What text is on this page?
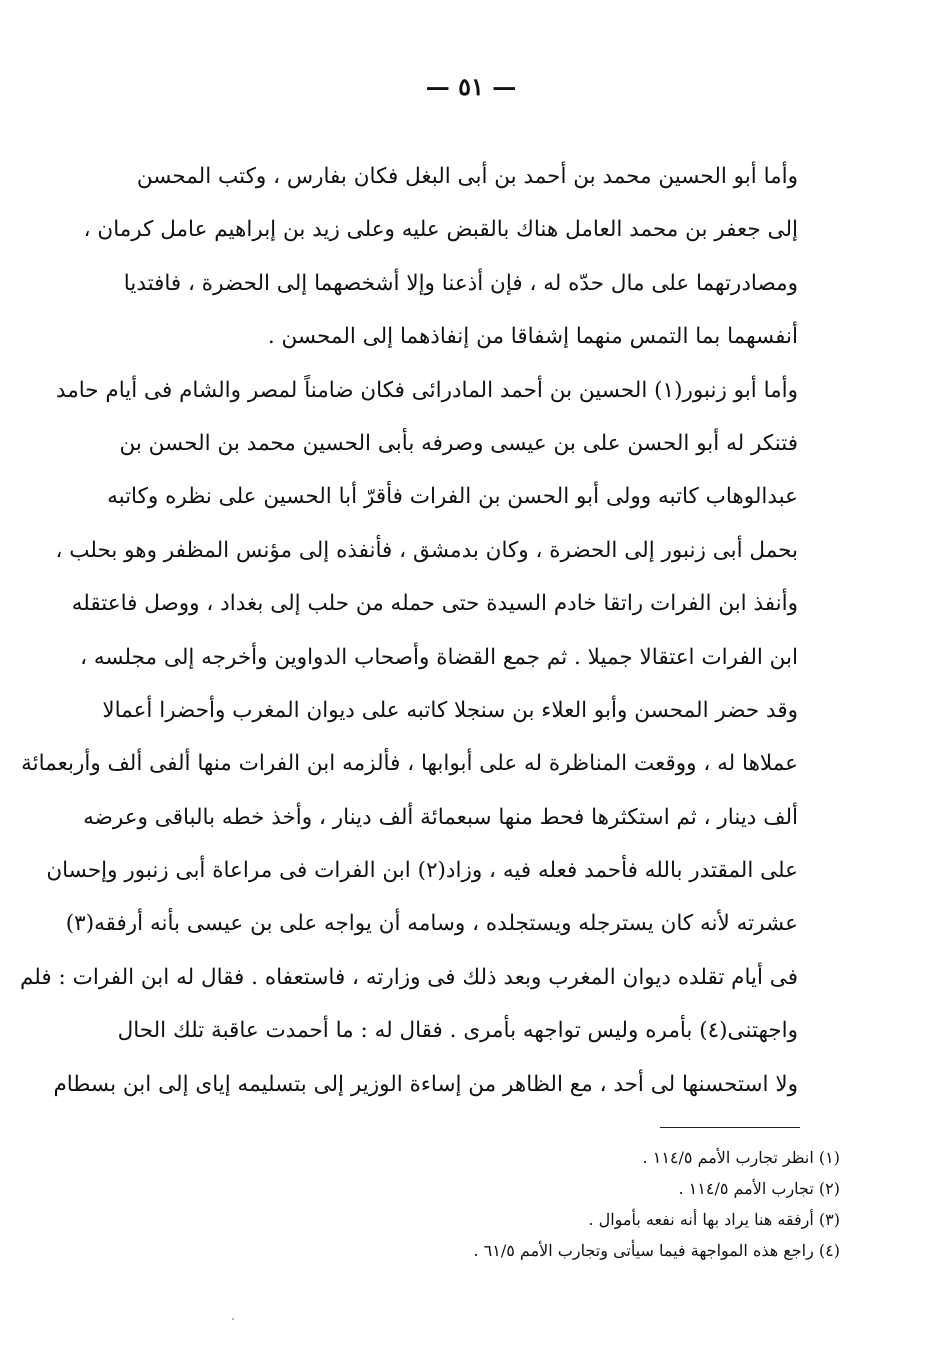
— ٥١ —
وأما أبو الحسين محمد بن أحمد بن أبى البغل فكان بفارس ، وكتب المحسن
إلى جعفر بن محمد العامل هناك بالقبض عليه وعلى زيد بن إبراهيم عامل كرمان ،
ومصادرتهما على مال حدّه له ، فإن أذعنا وإلا أشخصهما إلى الحضرة ، فافتديا
أنفسهما بما التمس منهما إشفاقا من إنفاذهما إلى المحسن .
وأما أبو زنبور(١) الحسين بن أحمد المادرائى فكان ضامناً لمصر والشام فى أيام حامد
فتنكر له أبو الحسن على بن عيسى وصرفه بأبى الحسين محمد بن الحسن بن
عبدالوهاب كاتبه وولى أبو الحسن بن الفرات فأقرّ أبا الحسين على نظره وكاتبه
بحمل أبى زنبور إلى الحضرة ، وكان بدمشق ، فأنفذه إلى مؤنس المظفر وهو بحلب ،
وأنفذ ابن الفرات راتقا خادم السيدة حتى حمله من حلب إلى بغداد ، ووصل فاعتقله
ابن الفرات اعتقالا جميلا . ثم جمع القضاة وأصحاب الدواوين وأخرجه إلى مجلسه ،
وقد حضر المحسن وأبو العلاء بن سنجلا كاتبه على ديوان المغرب وأحضرا أعمالا
عملاها له ، ووقعت المناظرة له على أبوابها ، فألزمه ابن الفرات منها ألفى ألف وأربعمائة
ألف دينار ، ثم استكثرها فحط منها سبعمائة ألف دينار ، وأخذ خطه بالباقى وعرضه
على المقتدر بالله فأحمد فعله فيه ، وزاد(٢) ابن الفرات فى مراعاة أبى زنبور وإحسان
عشرته لأنه كان يسترجله ويستجلده ، وسامه أن يواجه على بن عيسى بأنه أرفقه(٣)
فى أيام تقلده ديوان المغرب وبعد ذلك فى وزارته ، فاستعفاه . فقال له ابن الفرات : فلم
واجهتنى(٤) بأمره وليس تواجهه بأمرى . فقال له : ما أحمدت عاقبة تلك الحال
ولا استحسنها لى أحد ، مع الظاهر من إساءة الوزير إلى بتسليمه إياى إلى ابن بسطام
(١) انظر تجارب الأمم ١١٤/٥ .
(٢) تجارب الأمم ١١٤/٥ .
(٣) أرفقه هنا يراد بها أنه نفعه بأموال .
(٤) راجع هذه المواجهة فيما سيأتى وتجارب الأمم ٦١/٥ .
